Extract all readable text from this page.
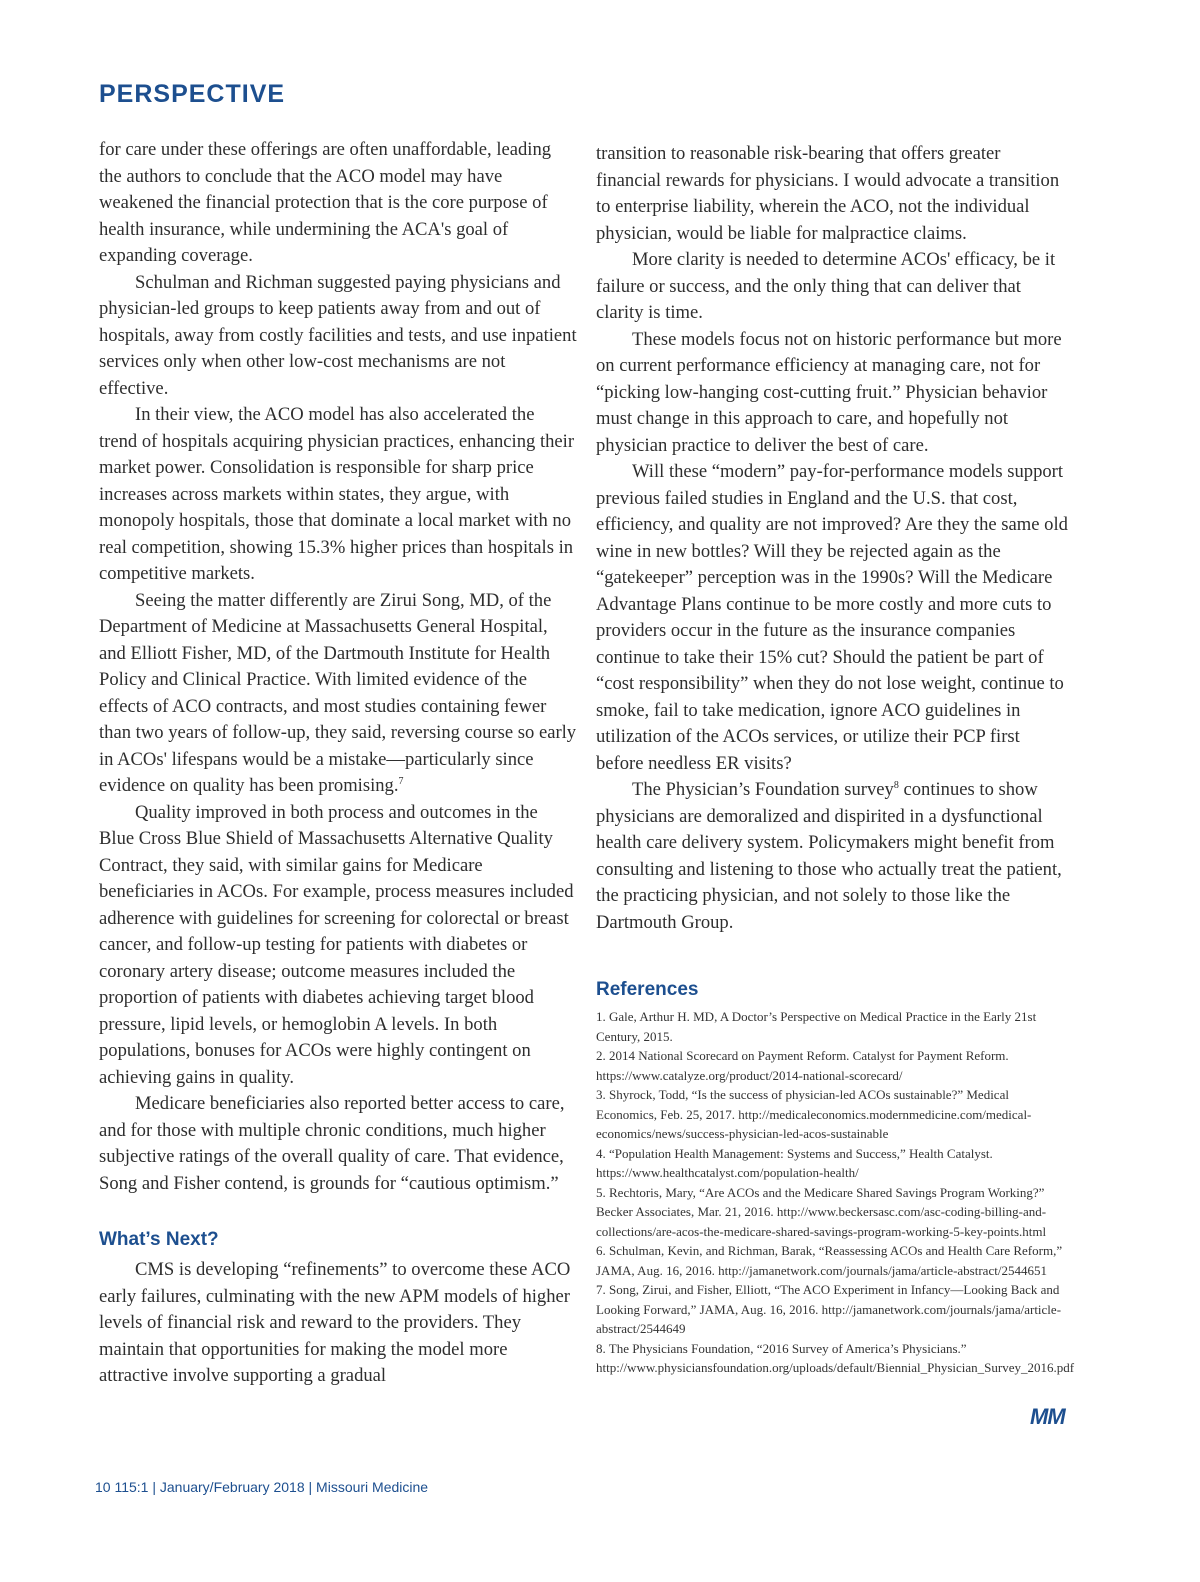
PERSPECTIVE

for care under these offerings are often unaffordable, leading the authors to conclude that the ACO model may have weakened the financial protection that is the core purpose of health insurance, while undermining the ACA's goal of expanding coverage.

Schulman and Richman suggested paying physicians and physician-led groups to keep patients away from and out of hospitals, away from costly facilities and tests, and use inpatient services only when other low-cost mechanisms are not effective.

In their view, the ACO model has also accelerated the trend of hospitals acquiring physician practices, enhancing their market power. Consolidation is responsible for sharp price increases across markets within states, they argue, with monopoly hospitals, those that dominate a local market with no real competition, showing 15.3% higher prices than hospitals in competitive markets.

Seeing the matter differently are Zirui Song, MD, of the Department of Medicine at Massachusetts General Hospital, and Elliott Fisher, MD, of the Dartmouth Institute for Health Policy and Clinical Practice. With limited evidence of the effects of ACO contracts, and most studies containing fewer than two years of follow-up, they said, reversing course so early in ACOs' lifespans would be a mistake—particularly since evidence on quality has been promising.$^7$

Quality improved in both process and outcomes in the Blue Cross Blue Shield of Massachusetts Alternative Quality Contract, they said, with similar gains for Medicare beneficiaries in ACOs. For example, process measures included adherence with guidelines for screening for colorectal or breast cancer, and follow-up testing for patients with diabetes or coronary artery disease; outcome measures included the proportion of patients with diabetes achieving target blood pressure, lipid levels, or hemoglobin A levels. In both populations, bonuses for ACOs were highly contingent on achieving gains in quality.

Medicare beneficiaries also reported better access to care, and for those with multiple chronic conditions, much higher subjective ratings of the overall quality of care. That evidence, Song and Fisher contend, is grounds for “cautious optimism.”

What’s Next?

CMS is developing “refinements” to overcome these ACO early failures, culminating with the new APM models of higher levels of financial risk and reward to the providers. They maintain that opportunities for making the model more attractive involve supporting a gradual

transition to reasonable risk-bearing that offers greater financial rewards for physicians. I would advocate a transition to enterprise liability, wherein the ACO, not the individual physician, would be liable for malpractice claims.

More clarity is needed to determine ACOs' efficacy, be it failure or success, and the only thing that can deliver that clarity is time.

These models focus not on historic performance but more on current performance efficiency at managing care, not for “picking low-hanging cost-cutting fruit.” Physician behavior must change in this approach to care, and hopefully not physician practice to deliver the best of care.

Will these “modern” pay-for-performance models support previous failed studies in England and the U.S. that cost, efficiency, and quality are not improved? Are they the same old wine in new bottles? Will they be rejected again as the “gatekeeper” perception was in the 1990s? Will the Medicare Advantage Plans continue to be more costly and more cuts to providers occur in the future as the insurance companies continue to take their 15% cut? Should the patient be part of “cost responsibility” when they do not lose weight, continue to smoke, fail to take medication, ignore ACO guidelines in utilization of the ACOs services, or utilize their PCP first before needless ER visits?

The Physician’s Foundation survey$^8$ continues to show physicians are demoralized and dispirited in a dysfunctional health care delivery system. Policymakers might benefit from consulting and listening to those who actually treat the patient, the practicing physician, and not solely to those like the Dartmouth Group.

References
1. Gale, Arthur H. MD, A Doctor’s Perspective on Medical Practice in the Early 21st Century, 2015.
2. 2014 National Scorecard on Payment Reform. Catalyst for Payment Reform. https://www.catalyze.org/product/2014-national-scorecard/
3. Shyrock, Todd, “Is the success of physician-led ACOs sustainable?” Medical Economics, Feb. 25, 2017. http://medicaleconomics.modernmedicine.com/medical-economics/news/success-physician-led-acos-sustainable
4. “Population Health Management: Systems and Success,” Health Catalyst. https://www.healthcatalyst.com/population-health/
5. Rechtoris, Mary, “Are ACOs and the Medicare Shared Savings Program Working?” Becker Associates, Mar. 21, 2016. http://www.beckersasc.com/asc-coding-billing-and-collections/are-acos-the-medicare-shared-savings-program-working-5-key-points.html
6. Schulman, Kevin, and Richman, Barak, “Reassessing ACOs and Health Care Reform,” JAMA, Aug. 16, 2016. http://jamanetwork.com/journals/jama/article-abstract/2544651
7. Song, Zirui, and Fisher, Elliott, “The ACO Experiment in Infancy—Looking Back and Looking Forward,” JAMA, Aug. 16, 2016. http://jamanetwork.com/journals/jama/article-abstract/2544649
8. The Physicians Foundation, “2016 Survey of America’s Physicians.” http://www.physiciansfoundation.org/uploads/default/Biennial_Physician_Survey_2016.pdf
MM
10 115:1 | January/February 2018 | Missouri Medicine
